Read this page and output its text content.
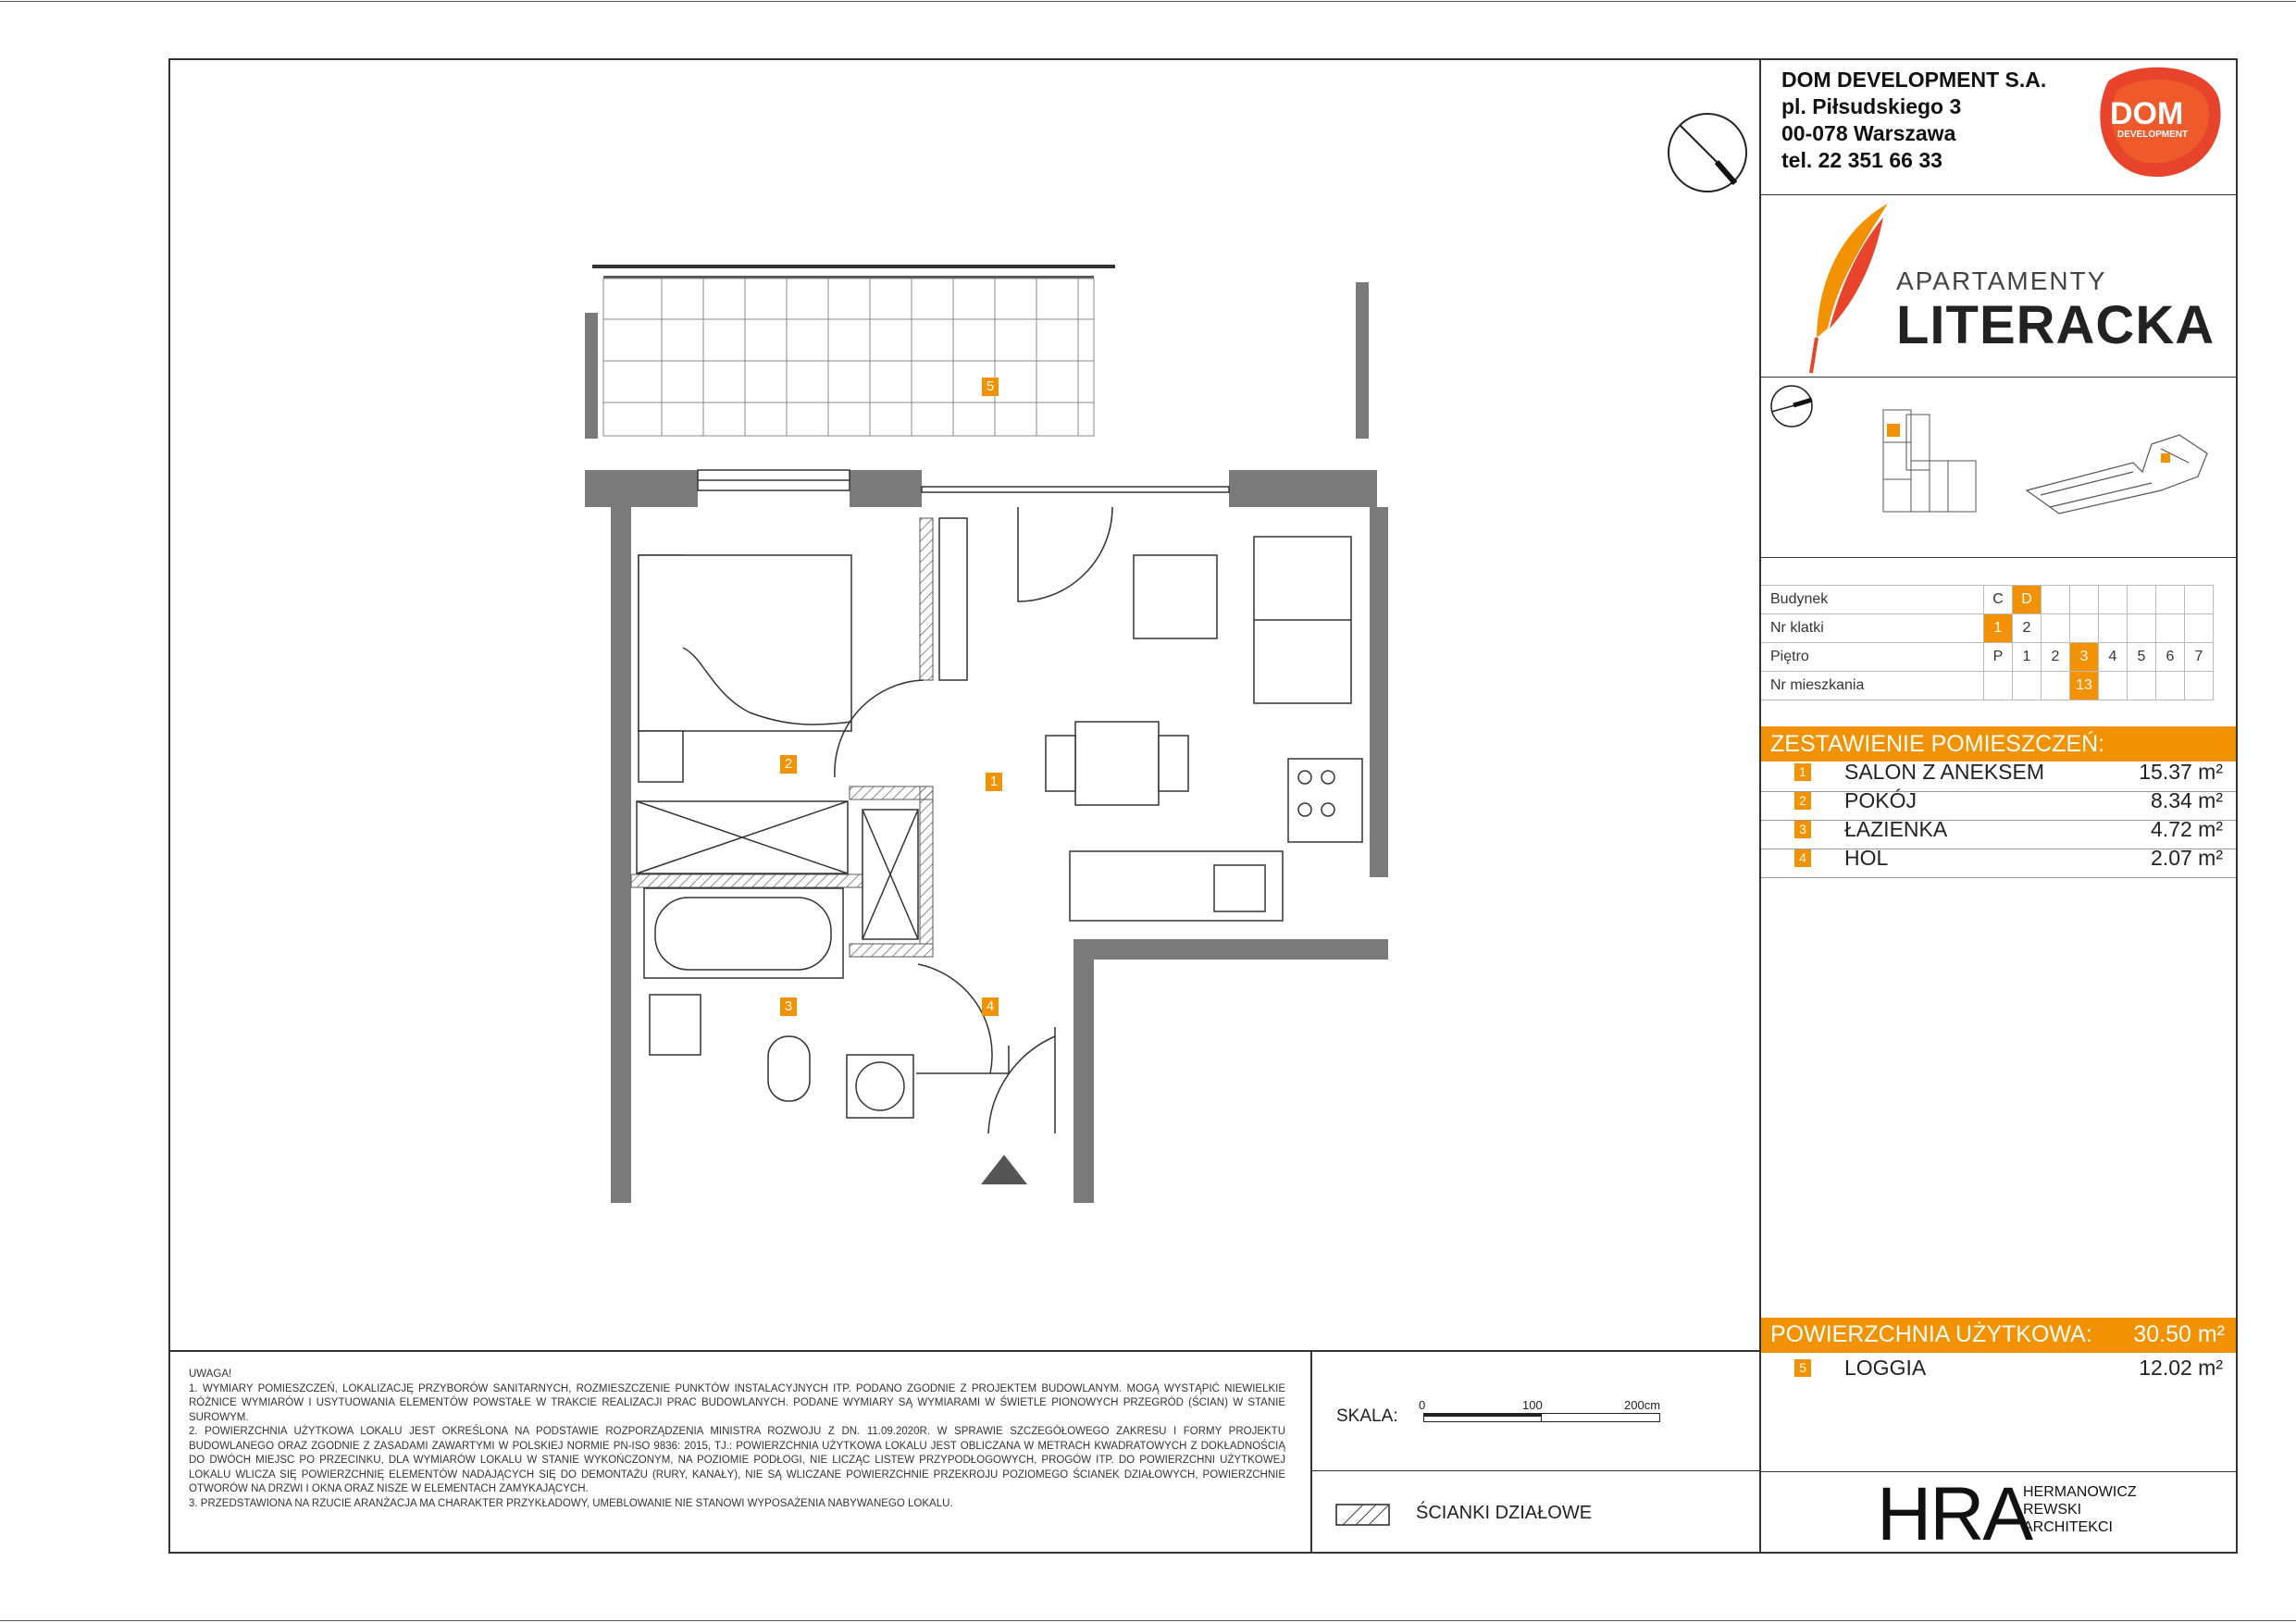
DOM DEVELOPMENT S.A.
pl. Piłsudskiego 3
00-078 Warszawa
tel. 22 351 66 33
DOM
DEVELOPMENT
APARTAMENTY
LITERACKA
Budynek	C	D						
Nr klatki	1	2						
Piętro	P	1	2	3	4	5	6	7
Nr mieszkania				13				
ZESTAWIENIE POMIESZCZEŃ:
1 SALON Z ANEKSEM	15.37 m²
2 POKÓJ	8.34 m²
3 ŁAZIENKA	4.72 m²
4 HOL	2.07 m²
POWIERZCHNIA UŻYTKOWA: 30.50 m²
5 LOGGIA	12.02 m²
UWAGA!
1. WYMIARY POMIESZCZEŃ, LOKALIZACJĘ PRZYBORÓW SANITARNYCH, ROZMIESZCZENIE PUNKTÓW INSTALACYJNYCH ITP. PODANO ZGODNIE Z PROJEKTEM BUDOWLANYM. MOGĄ WYSTĄPIĆ NIEWIELKIE RÓŻNICE WYMIARÓW I USYTUOWANIA ELEMENTÓW POWSTAŁE W TRAKCIE REALIZACJI PRAC BUDOWLANYCH. PODANE WYMIARY SĄ WYMIARAMI W ŚWIETLE PIONOWYCH PRZEGRÓD (ŚCIAN) W STANIE SUROWYM.
2. POWIERZCHNIA UŻYTKOWA LOKALU JEST OKREŚLONA NA PODSTAWIE ROZPORZĄDZENIA MINISTRA ROZWOJU Z DN. 11.09.2020R. W SPRAWIE SZCZEGÓŁOWEGO ZAKRESU I FORMY PROJEKTU BUDOWLANEGO ORAZ ZGODNIE Z ZASADAMI ZAWARTYMI W POLSKIEJ NORMIE PN-ISO 9836: 2015, TJ.: POWIERZCHNIA UŻYTKOWA LOKALU JEST OBLICZANA W METRACH KWADRATOWYCH Z DOKŁADNOŚCIĄ DO DWÓCH MIEJSC PO PRZECINKU, DLA WYMIARÓW LOKALU W STANIE WYKOŃCZONYM, NA POZIOMIE PODŁOGI, NIE LICZĄC LISTEW PRZYPODŁOGOWYCH, PROGÓW ITP. DO POWIERZCHNI UŻYTKOWEJ LOKALU WLICZA SIĘ POWIERZCHNIĘ ELEMENTÓW NADAJĄCYCH SIĘ DO DEMONTAŻU (RURY, KANAŁY), NIE SĄ WLICZANE POWIERZCHNIE PRZEKROJU POZIOMEGO ŚCIANEK DZIAŁOWYCH, POWIERZCHNIE OTWORÓW NA DRZWI I OKNA ORAZ NISZE W ELEMENTACH ZAMYKAJĄCYCH.
3. PRZEDSTAWIONA NA RZUCIE ARANŻACJA MA CHARAKTER PRZYKŁADOWY, UMEBLOWANIE NIE STANOWI WYPOSAŻENIA NABYWANEGO LOKALU.
SKALA:
0	100	200cm
ŚCIANKI DZIAŁOWE	HRA
HERMANOWICZ
REWSKI
ARCHITEKCI
5
1
2
3	4
